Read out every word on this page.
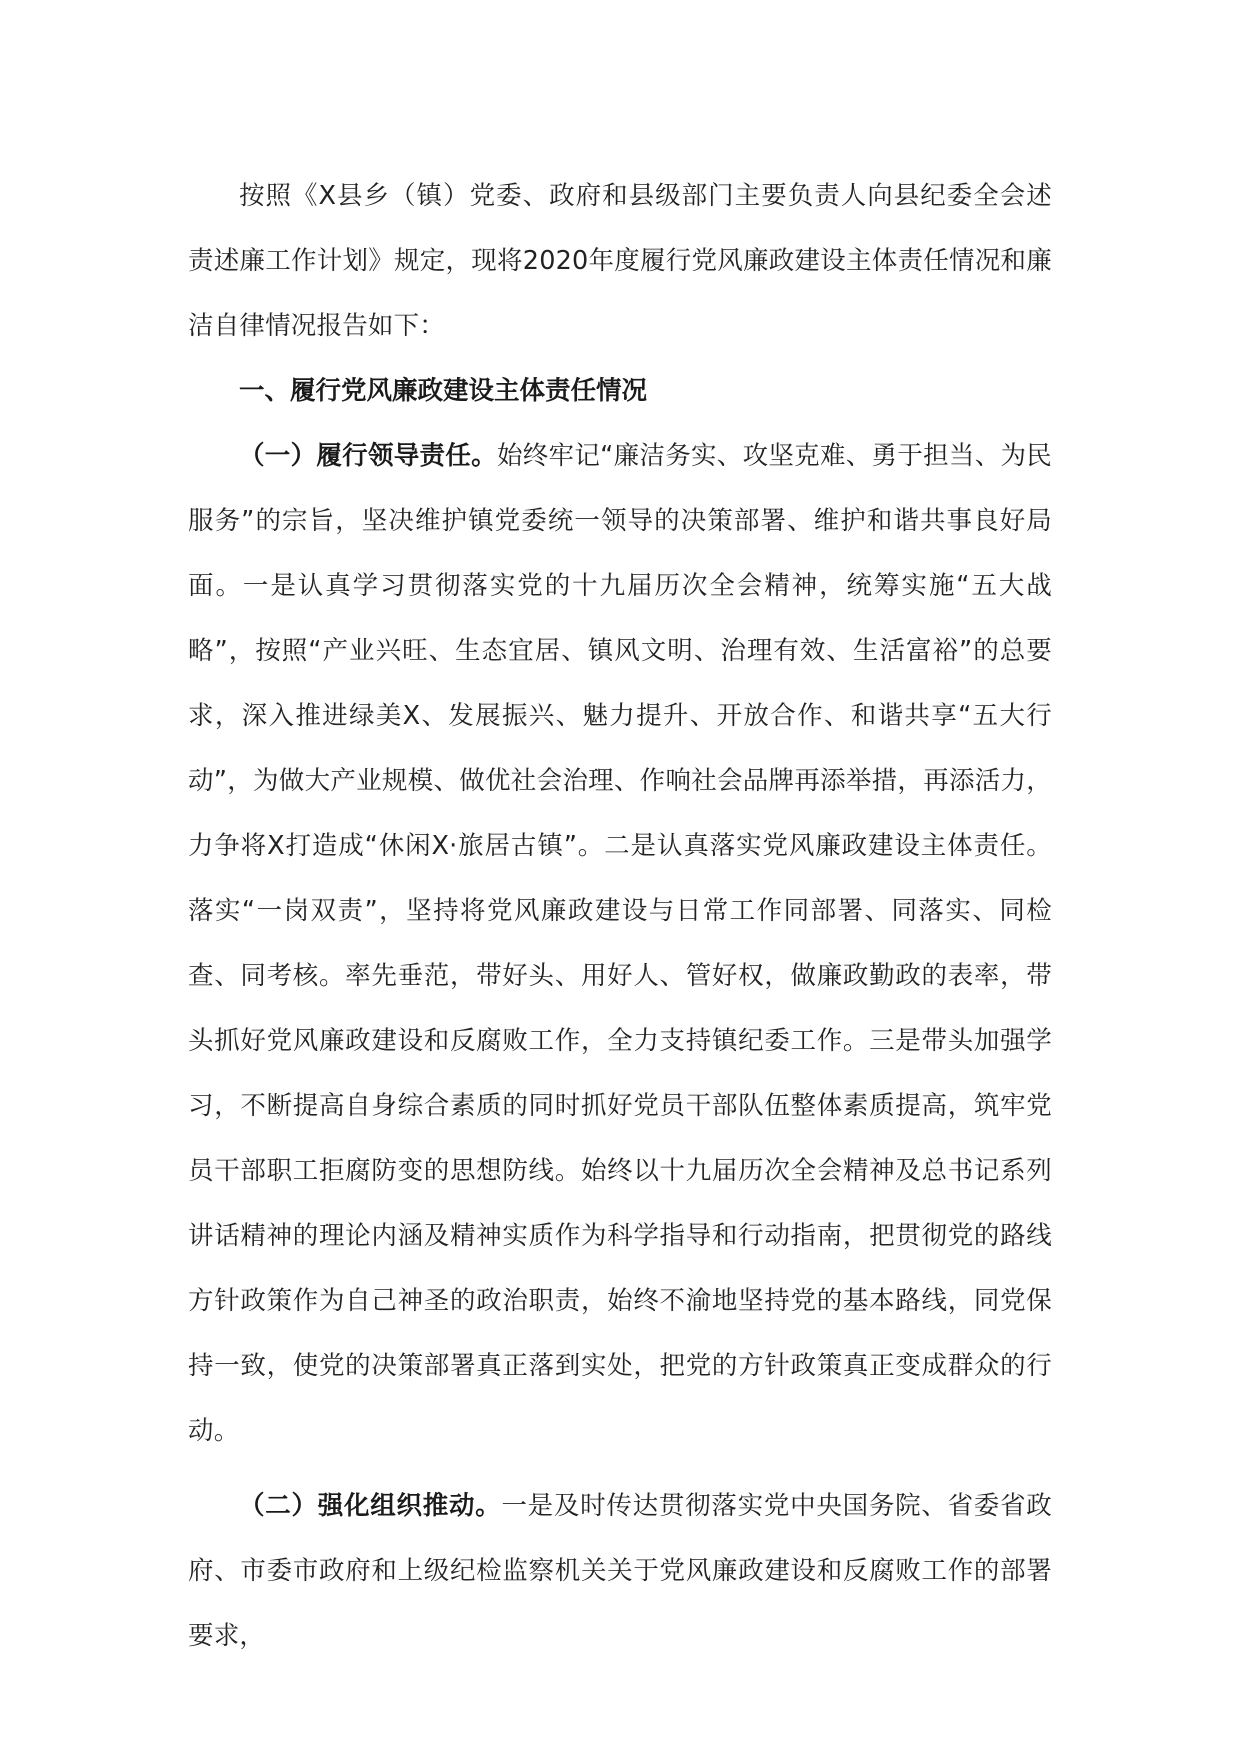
按照《X县乡（镇）党委、政府和县级部门主要负责人向县纪委全会述责述廉工作计划》规定，现将2020年度履行党风廉政建设主体责任情况和廉洁自律情况报告如下：

一、履行党风廉政建设主体责任情况

（一）履行领导责任。始终牢记“廉洁务实、攻坚克难、勇于担当、为民服务”的宗旨，坚决维护镇党委统一领导的决策部署、维护和谐共事良好局面。一是认真学习贯彻落实党的十九届历次全会精神，统筹实施“五大战略”，按照“产业兴旺、生态宜居、镇风文明、治理有效、生活富裕”的总要求，深入推进绿美X、发展振兴、魅力提升、开放合作、和谐共享“五大行动”，为做大产业规模、做优社会治理、作响社会品牌再添举措，再添活力，力争将X打造成“休闲X·旅居古镇”。二是认真落实党风廉政建设主体责任。落实“一岗双责”，坚持将党风廉政建设与日常工作同部署、同落实、同检查、同考核。率先垂范，带好头、用好人、管好权，做廉政勤政的表率，带头抓好党风廉政建设和反腐败工作，全力支持镇纪委工作。三是带头加强学习，不断提高自身综合素质的同时抓好党员干部队伍整体素质提高，筑牢党员干部职工拒腐防变的思想防线。始终以十九届历次全会精神及总书记系列讲话精神的理论内涵及精神实质作为科学指导和行动指南，把贯彻党的路线方针政策作为自己神圣的政治职责，始终不渝地坚持党的基本路线，同党保持一致，使党的决策部署真正落到实处，把党的方针政策真正变成群众的行动。

（二）强化组织推动。一是及时传达贯彻落实党中央国务院、省委省政府、市委市政府和上级纪检监察机关关于党风廉政建设和反腐败工作的部署要求，
